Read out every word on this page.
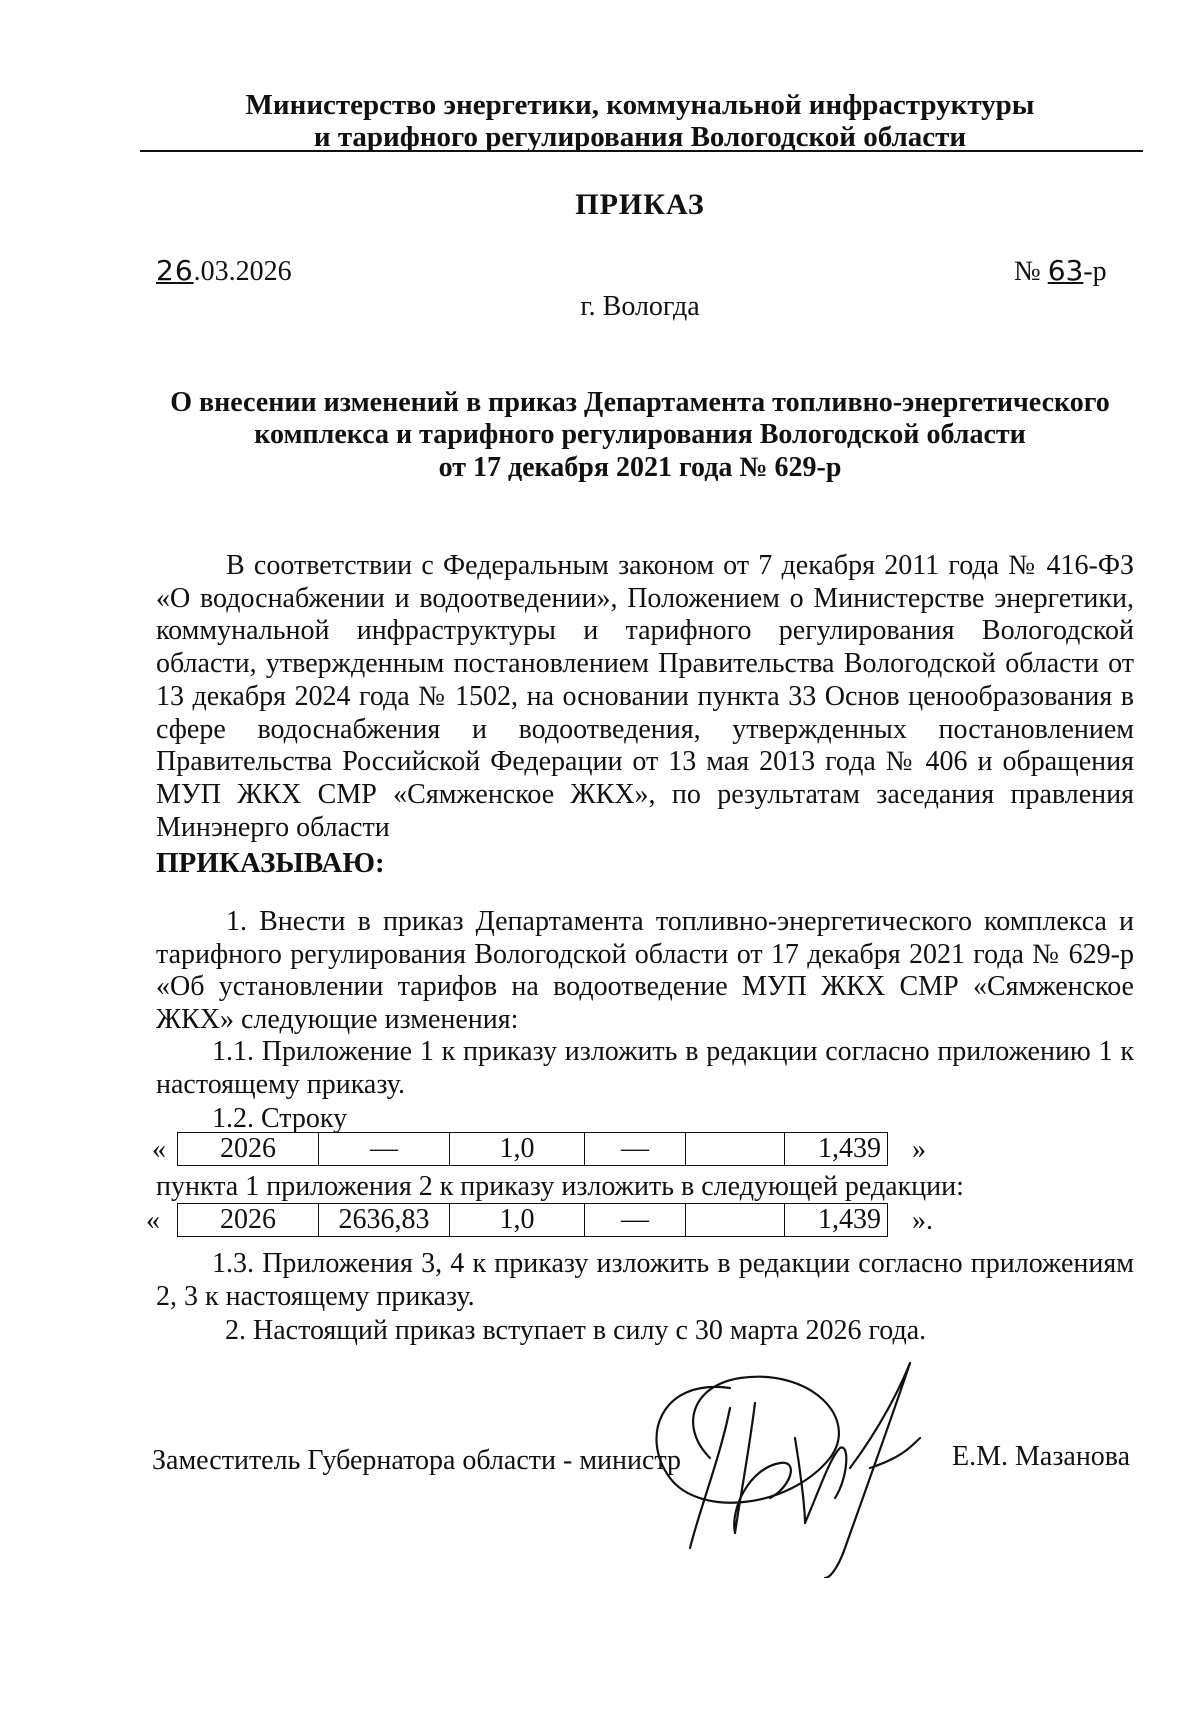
Министерство энергетики, коммунальной инфраструктуры
и тарифного регулирования Вологодской области
ПРИКАЗ
26.03.2026	№ 63-р
г. Вологда
О внесении изменений в приказ Департамента топливно-энергетического
комплекса и тарифного регулирования Вологодской области
от 17 декабря 2021 года № 629-р
В соответствии с Федеральным законом от 7 декабря 2011 года № 416-ФЗ «О водоснабжении и водоотведении», Положением о Министерстве энергетики, коммунальной инфраструктуры и тарифного регулирования Вологодской области, утвержденным постановлением Правительства Вологодской области от 13 декабря 2024 года № 1502, на основании пункта 33 Основ ценообразования в сфере водоснабжения и водоотведения, утвержденных постановлением Правительства Российской Федерации от 13 мая 2013 года № 406 и обращения МУП ЖКХ СМР «Сямженское ЖКХ», по результатам заседания правления Минэнерго области
ПРИКАЗЫВАЮ:
1. Внести в приказ Департамента топливно-энергетического комплекса и тарифного регулирования Вологодской области от 17 декабря 2021 года № 629-р «Об установлении тарифов на водоотведение МУП ЖКХ СМР «Сямженское ЖКХ» следующие изменения:
1.1. Приложение 1 к приказу изложить в редакции согласно приложению 1 к настоящему приказу.
1.2. Строку
« 2026	—	1,0	—		1,439 »
пункта 1 приложения 2 к приказу изложить в следующей редакции:
« 2026	2636,83	1,0	—		1,439 ».
1.3. Приложения 3, 4 к приказу изложить в редакции согласно приложениям 2, 3 к настоящему приказу.
2. Настоящий приказ вступает в силу с 30 марта 2026 года.
Заместитель Губернатора области - министр	Е.М. Мазанова
